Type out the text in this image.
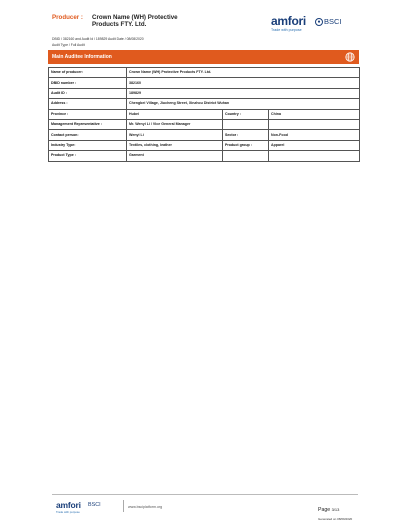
Producer : Crown Name (WH) Protective Products FTY. Ltd.
DBID / 382160 and Audit Id / 189829 Audit Date / 08/08/2020
Audit Type / Full Audit
amfori	● BSCI
Trade with purpose
Main Auditee Information
Name of producer:	Crown Name (WH) Protective Products FTY. Ltd.		
DBID number :	382160		
Audit ID :	189829		
Address :	Chengbei Village, Jiucheng Street, Xinzhou District Wuhan		
Province :	Hubei	Country :	China
Management Representative :	Mr. Wenyi Li / Vice General Manager		
Contact person:	Wenyi Li	Sector :	Non-Food
Industry Type:	Textiles, clothing, leather	Product group :	Apparel
Product Type :	Garment		
amfori BSCI
Trade with purpose
www.bsciplatform.org	Page 3/13
Generated on 08/09/2020
